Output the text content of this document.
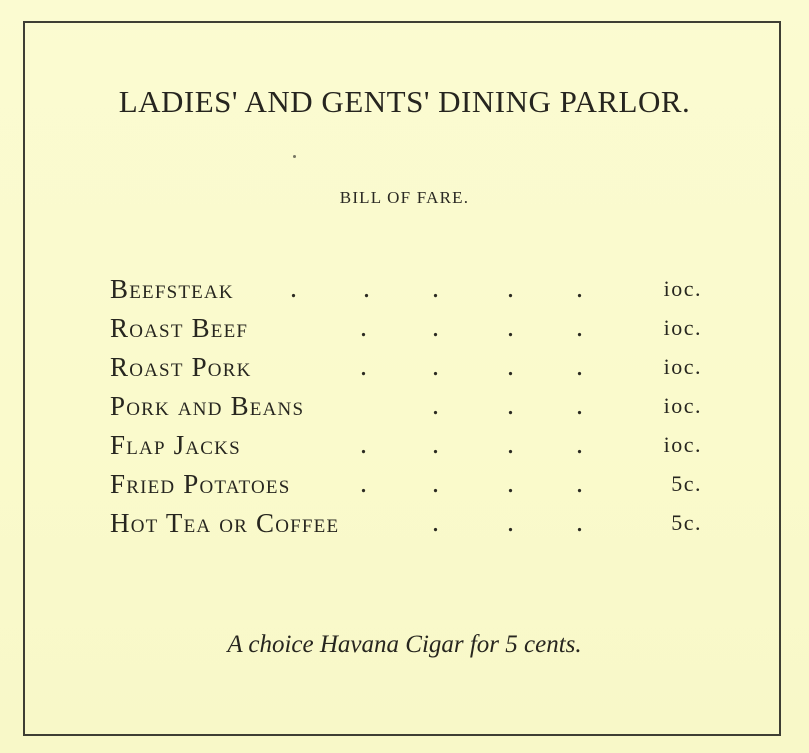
LADIES' AND GENTS' DINING PARLOR.
BILL OF FARE.
Beefsteak . . . . .	ioc.
Roast Beef	. . . .	ioc.
Roast Pork	. . . .	ioc.
Pork and Beans	. . .	ioc.
Flap Jacks	. . . .	ioc.
Fried Potatoes . . . .	5c.
Hot Tea or Coffee	. . .	5c.
A choice Havana Cigar for 5 cents.
